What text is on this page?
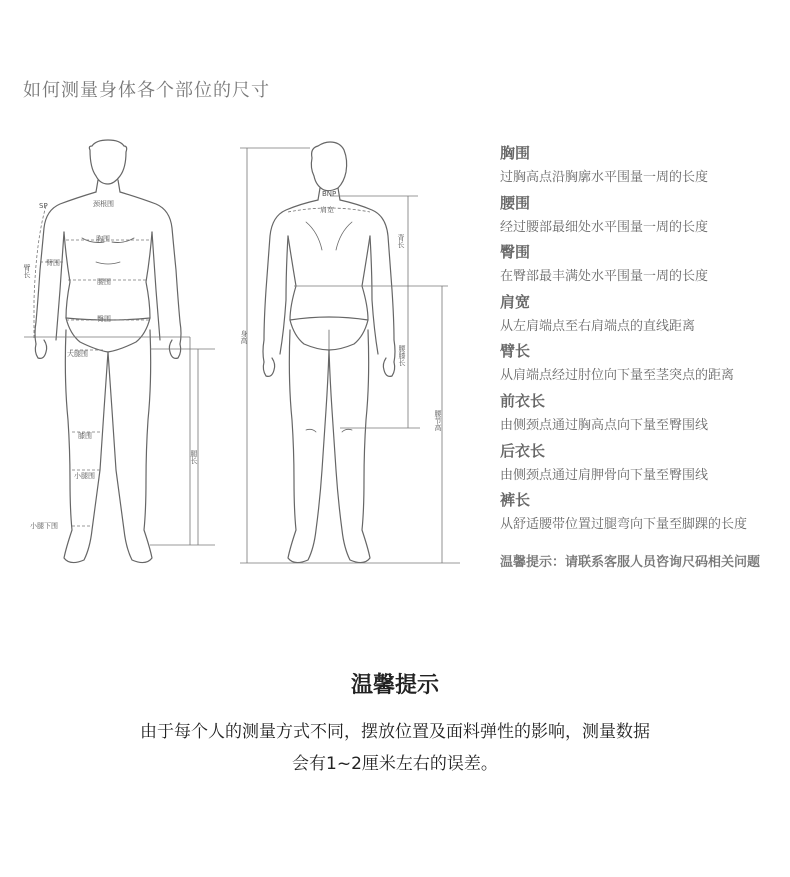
如何测量身体各个部位的尺寸
SP	颈根围
胸围
臂围
腰围
臀围
大腿围
膝围
小腿围
小腿下围
臂长
腿长
BNP
肩宽
背长
身高
腰膝长
腰节高
胸围
过胸高点沿胸廓水平围量一周的长度
腰围
经过腰部最细处水平围量一周的长度
臀围
在臀部最丰满处水平围量一周的长度
肩宽
从左肩端点至右肩端点的直线距离
臂长
从肩端点经过肘位向下量至茎突点的距离
前衣长
由侧颈点通过胸高点向下量至臀围线
后衣长
由侧颈点通过肩胛骨向下量至臀围线
裤长
从舒适腰带位置过腿弯向下量至脚踝的长度
温馨提示：请联系客服人员咨询尺码相关问题
温馨提示
由于每个人的测量方式不同，摆放位置及面料弹性的影响，测量数据
会有1~2厘米左右的误差。
